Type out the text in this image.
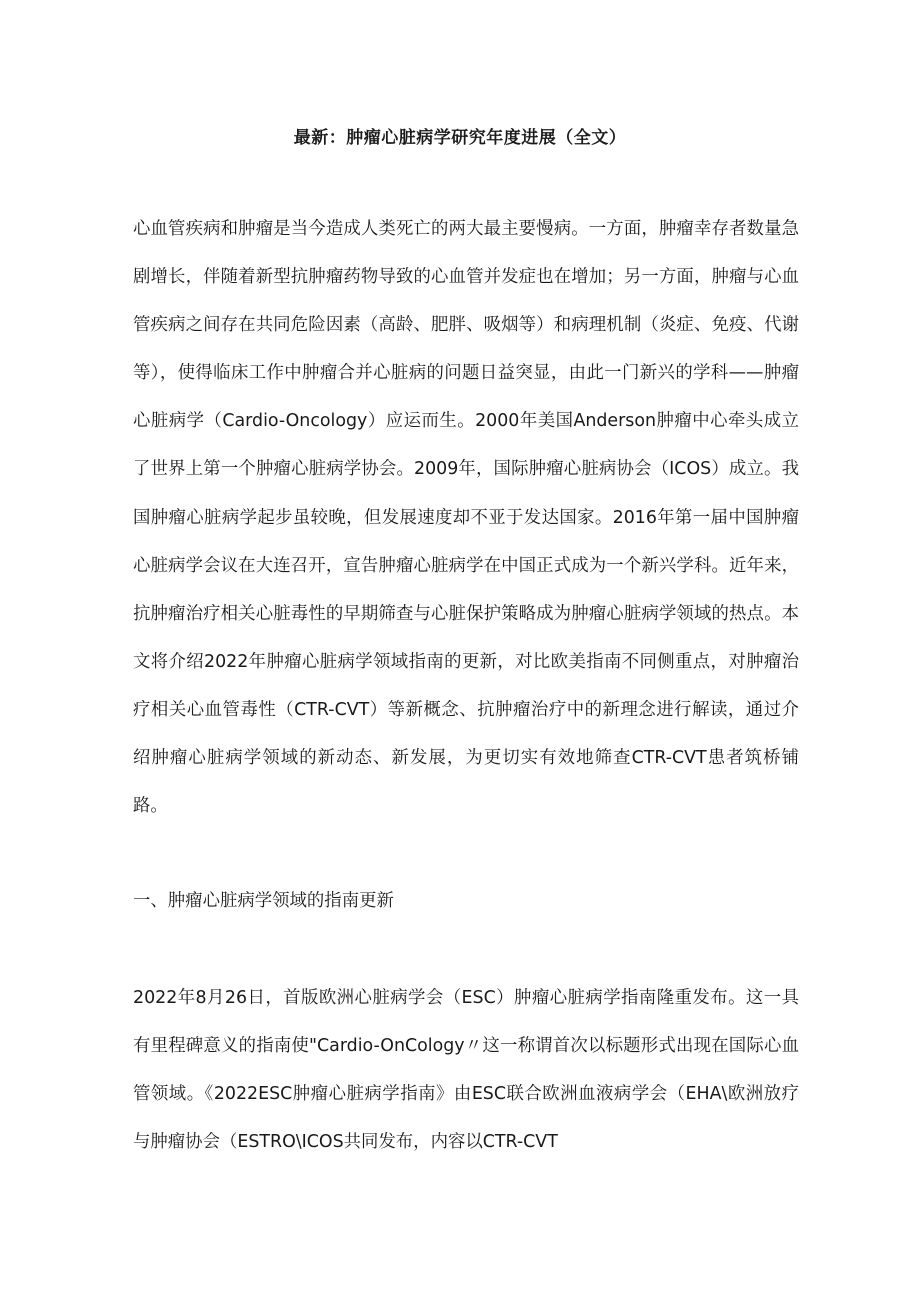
最新：肿瘤心脏病学研究年度进展（全文）

心血管疾病和肿瘤是当今造成人类死亡的两大最主要慢病。一方面，肿瘤幸存者数量急剧增长，伴随着新型抗肿瘤药物导致的心血管并发症也在增加；另一方面，肿瘤与心血管疾病之间存在共同危险因素（高龄、肥胖、吸烟等）和病理机制（炎症、免疫、代谢等），使得临床工作中肿瘤合并心脏病的问题日益突显，由此一门新兴的学科——肿瘤心脏病学（Cardio-Oncology）应运而生。2000年美国Anderson肿瘤中心牵头成立了世界上第一个肿瘤心脏病学协会。2009年，国际肿瘤心脏病协会（ICOS）成立。我国肿瘤心脏病学起步虽较晚，但发展速度却不亚于发达国家。2016年第一届中国肿瘤心脏病学会议在大连召开，宣告肿瘤心脏病学在中国正式成为一个新兴学科。近年来，抗肿瘤治疗相关心脏毒性的早期筛查与心脏保护策略成为肿瘤心脏病学领域的热点。本文将介绍2022年肿瘤心脏病学领域指南的更新，对比欧美指南不同侧重点，对肿瘤治疗相关心血管毒性（CTR-CVT）等新概念、抗肿瘤治疗中的新理念进行解读，通过介绍肿瘤心脏病学领域的新动态、新发展，为更切实有效地筛查CTR-CVT患者筑桥铺路。

一、肿瘤心脏病学领域的指南更新

2022年8月26日，首版欧洲心脏病学会（ESC）肿瘤心脏病学指南隆重发布。这一具有里程碑意义的指南使"Cardio-OnCology〃这一称谓首次以标题形式出现在国际心血管领域。《2022ESC肿瘤心脏病学指南》由ESC联合欧洲血液病学会（EHA\欧洲放疗与肿瘤协会（ESTRO\ICOS共同发布，内容以CTR-CVT
